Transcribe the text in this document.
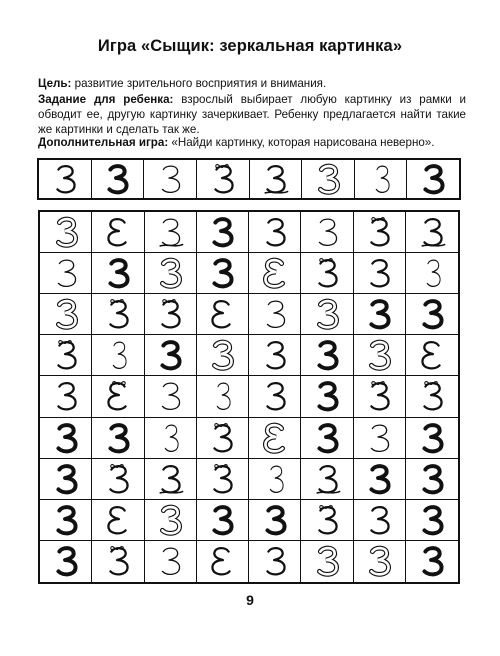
Игра «Сыщик: зеркальная картинка»
Цель: развитие зрительного восприятия и внимания.
Задание для ребенка: взрослый выбирает любую картинку из рамки и обводит ее, другую картинку зачеркивает. Ребенку предлагается найти такие же картинки и сделать так же.
Дополнительная игра: «Найди картинку, которая нарисована неверно».
9
